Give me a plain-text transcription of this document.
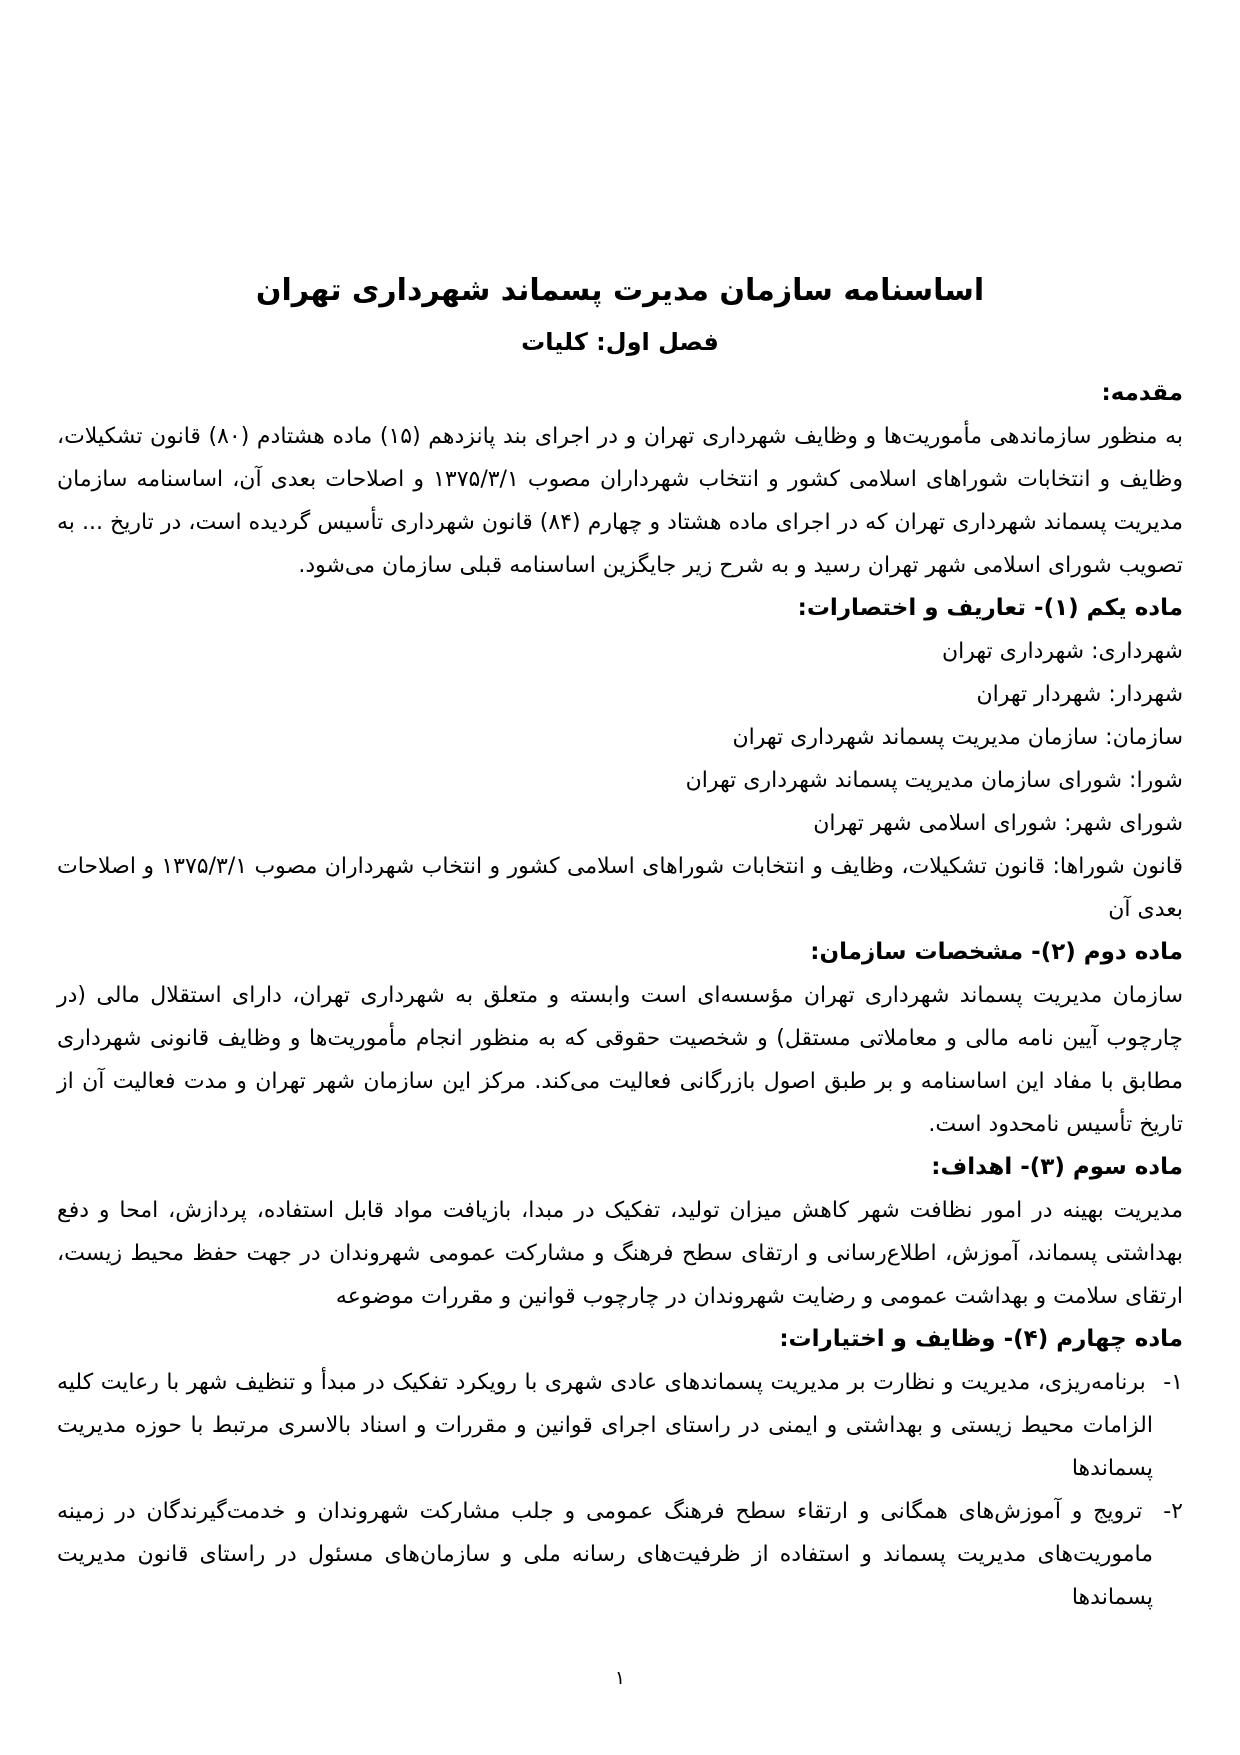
اساسنامه سازمان مدیرت پسماند شهرداری تهران
فصل اول: کلیات
مقدمه:

به منظور سازماندهی مأموریت‌ها و وظایف شهرداری تهران و در اجرای بند پانزدهم (۱۵) ماده هشتادم (۸۰) قانون تشکیلات، وظایف و انتخابات شوراهای اسلامی کشور و انتخاب شهرداران مصوب ۱۳۷۵/۳/۱ و اصلاحات بعدی آن، اساسنامه سازمان مدیریت پسماند شهرداری تهران که در اجرای ماده هشتاد و چهارم (۸۴) قانون شهرداری تأسیس گردیده است، در تاریخ ... به تصویب شورای اسلامی شهر تهران رسید و به شرح زیر جایگزین اساسنامه قبلی سازمان می‌شود.

ماده یکم (۱)- تعاریف و اختصارات:

شهرداری: شهرداری تهران

شهردار: شهردار تهران

سازمان: سازمان مدیریت پسماند شهرداری تهران

شورا: شورای سازمان مدیریت پسماند شهرداری تهران

شورای شهر: شورای اسلامی شهر تهران

قانون شوراها: قانون تشکیلات، وظایف و انتخابات شوراهای اسلامی کشور و انتخاب شهرداران مصوب ۱۳۷۵/۳/۱ و اصلاحات بعدی آن

ماده دوم (۲)- مشخصات سازمان:

سازمان مدیریت پسماند شهرداری تهران مؤسسه‌ای است وابسته و متعلق به شهرداری تهران، دارای استقلال مالی (در چارچوب آیین نامه مالی و معاملاتی مستقل) و شخصیت حقوقی که به منظور انجام مأموریت‌ها و وظایف قانونی شهرداری مطابق با مفاد این اساسنامه و بر طبق اصول بازرگانی فعالیت می‌کند. مرکز این سازمان شهر تهران و مدت فعالیت آن از تاریخ تأسیس نامحدود است.

ماده سوم (۳)- اهداف:

مدیریت بهینه در امور نظافت شهر کاهش میزان تولید، تفکیک در مبدا، بازیافت مواد قابل استفاده، پردازش، امحا و دفع بهداشتی پسماند، آموزش، اطلاع‌رسانی و ارتقای سطح فرهنگ و مشارکت عمومی شهروندان در جهت حفظ محیط زیست، ارتقای سلامت و بهداشت عمومی و رضایت شهروندان در چارچوب قوانین و مقررات موضوعه

ماده چهارم (۴)- وظایف و اختیارات:
۱- برنامه‌ریزی، مدیریت و نظارت بر مدیریت پسماندهای عادی شهری با رویکرد تفکیک در مبدأ و تنظیف شهر با رعایت کلیه الزامات محیط زیستی و بهداشتی و ایمنی در راستای اجرای قوانین و مقررات و اسناد بالاسری مرتبط با حوزه مدیریت پسماندها
۲- ترویج و آموزش‌های همگانی و ارتقاء سطح فرهنگ عمومی و جلب مشارکت شهروندان و خدمت‌گیرندگان در زمینه ماموریت‌های مدیریت پسماند و استفاده از ظرفیت‌های رسانه ملی و سازمان‌های مسئول در راستای قانون مدیریت پسماندها
۱
